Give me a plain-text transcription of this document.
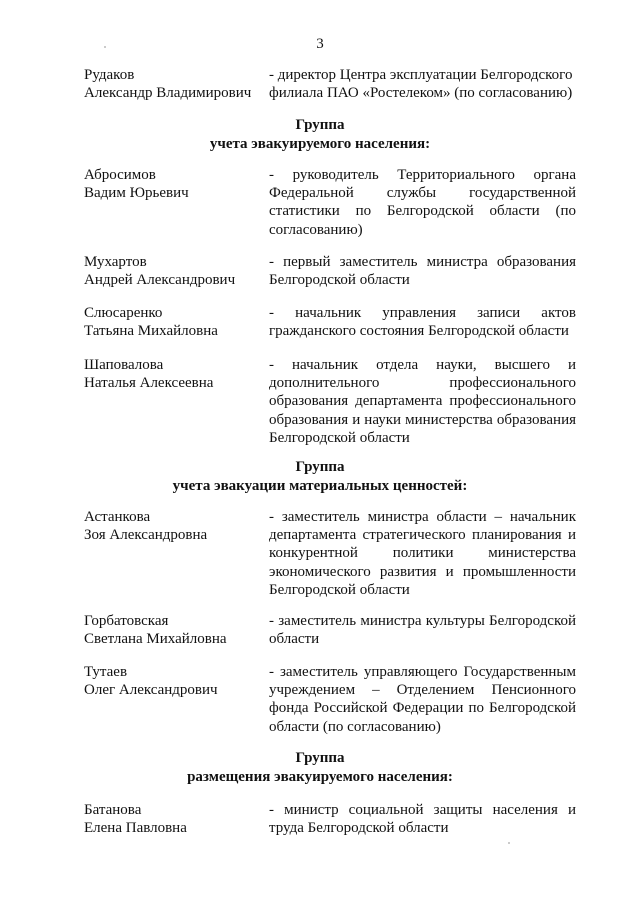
3
Рудаков
Александр Владимирович
- директор Центра эксплуатации Белгородского филиала ПАО «Ростелеком» (по согласованию)
Группа
учета эвакуируемого населения:
Абросимов
Вадим Юрьевич
- руководитель Территориального органа Федеральной службы государственной статистики по Белгородской области (по согласованию)
Мухартов
Андрей Александрович
- первый заместитель министра образования Белгородской области
Слюсаренко
Татьяна Михайловна
- начальник управления записи актов гражданского состояния Белгородской области
Шаповалова
Наталья Алексеевна
- начальник отдела науки, высшего и дополнительного профессионального образования департамента профессионального образования и науки министерства образования Белгородской области
Группа
учета эвакуации материальных ценностей:
Астанкова
Зоя Александровна
- заместитель министра области – начальник департамента стратегического планирования и конкурентной политики министерства экономического развития и промышленности Белгородской области
Горбатовская
Светлана Михайловна
- заместитель министра культуры Белгородской области
Тутаев
Олег Александрович
- заместитель управляющего Государственным учреждением – Отделением Пенсионного фонда Российской Федерации по Белгородской области (по согласованию)
Группа
размещения эвакуируемого населения:
Батанова
Елена Павловна
- министр социальной защиты населения и труда Белгородской области
